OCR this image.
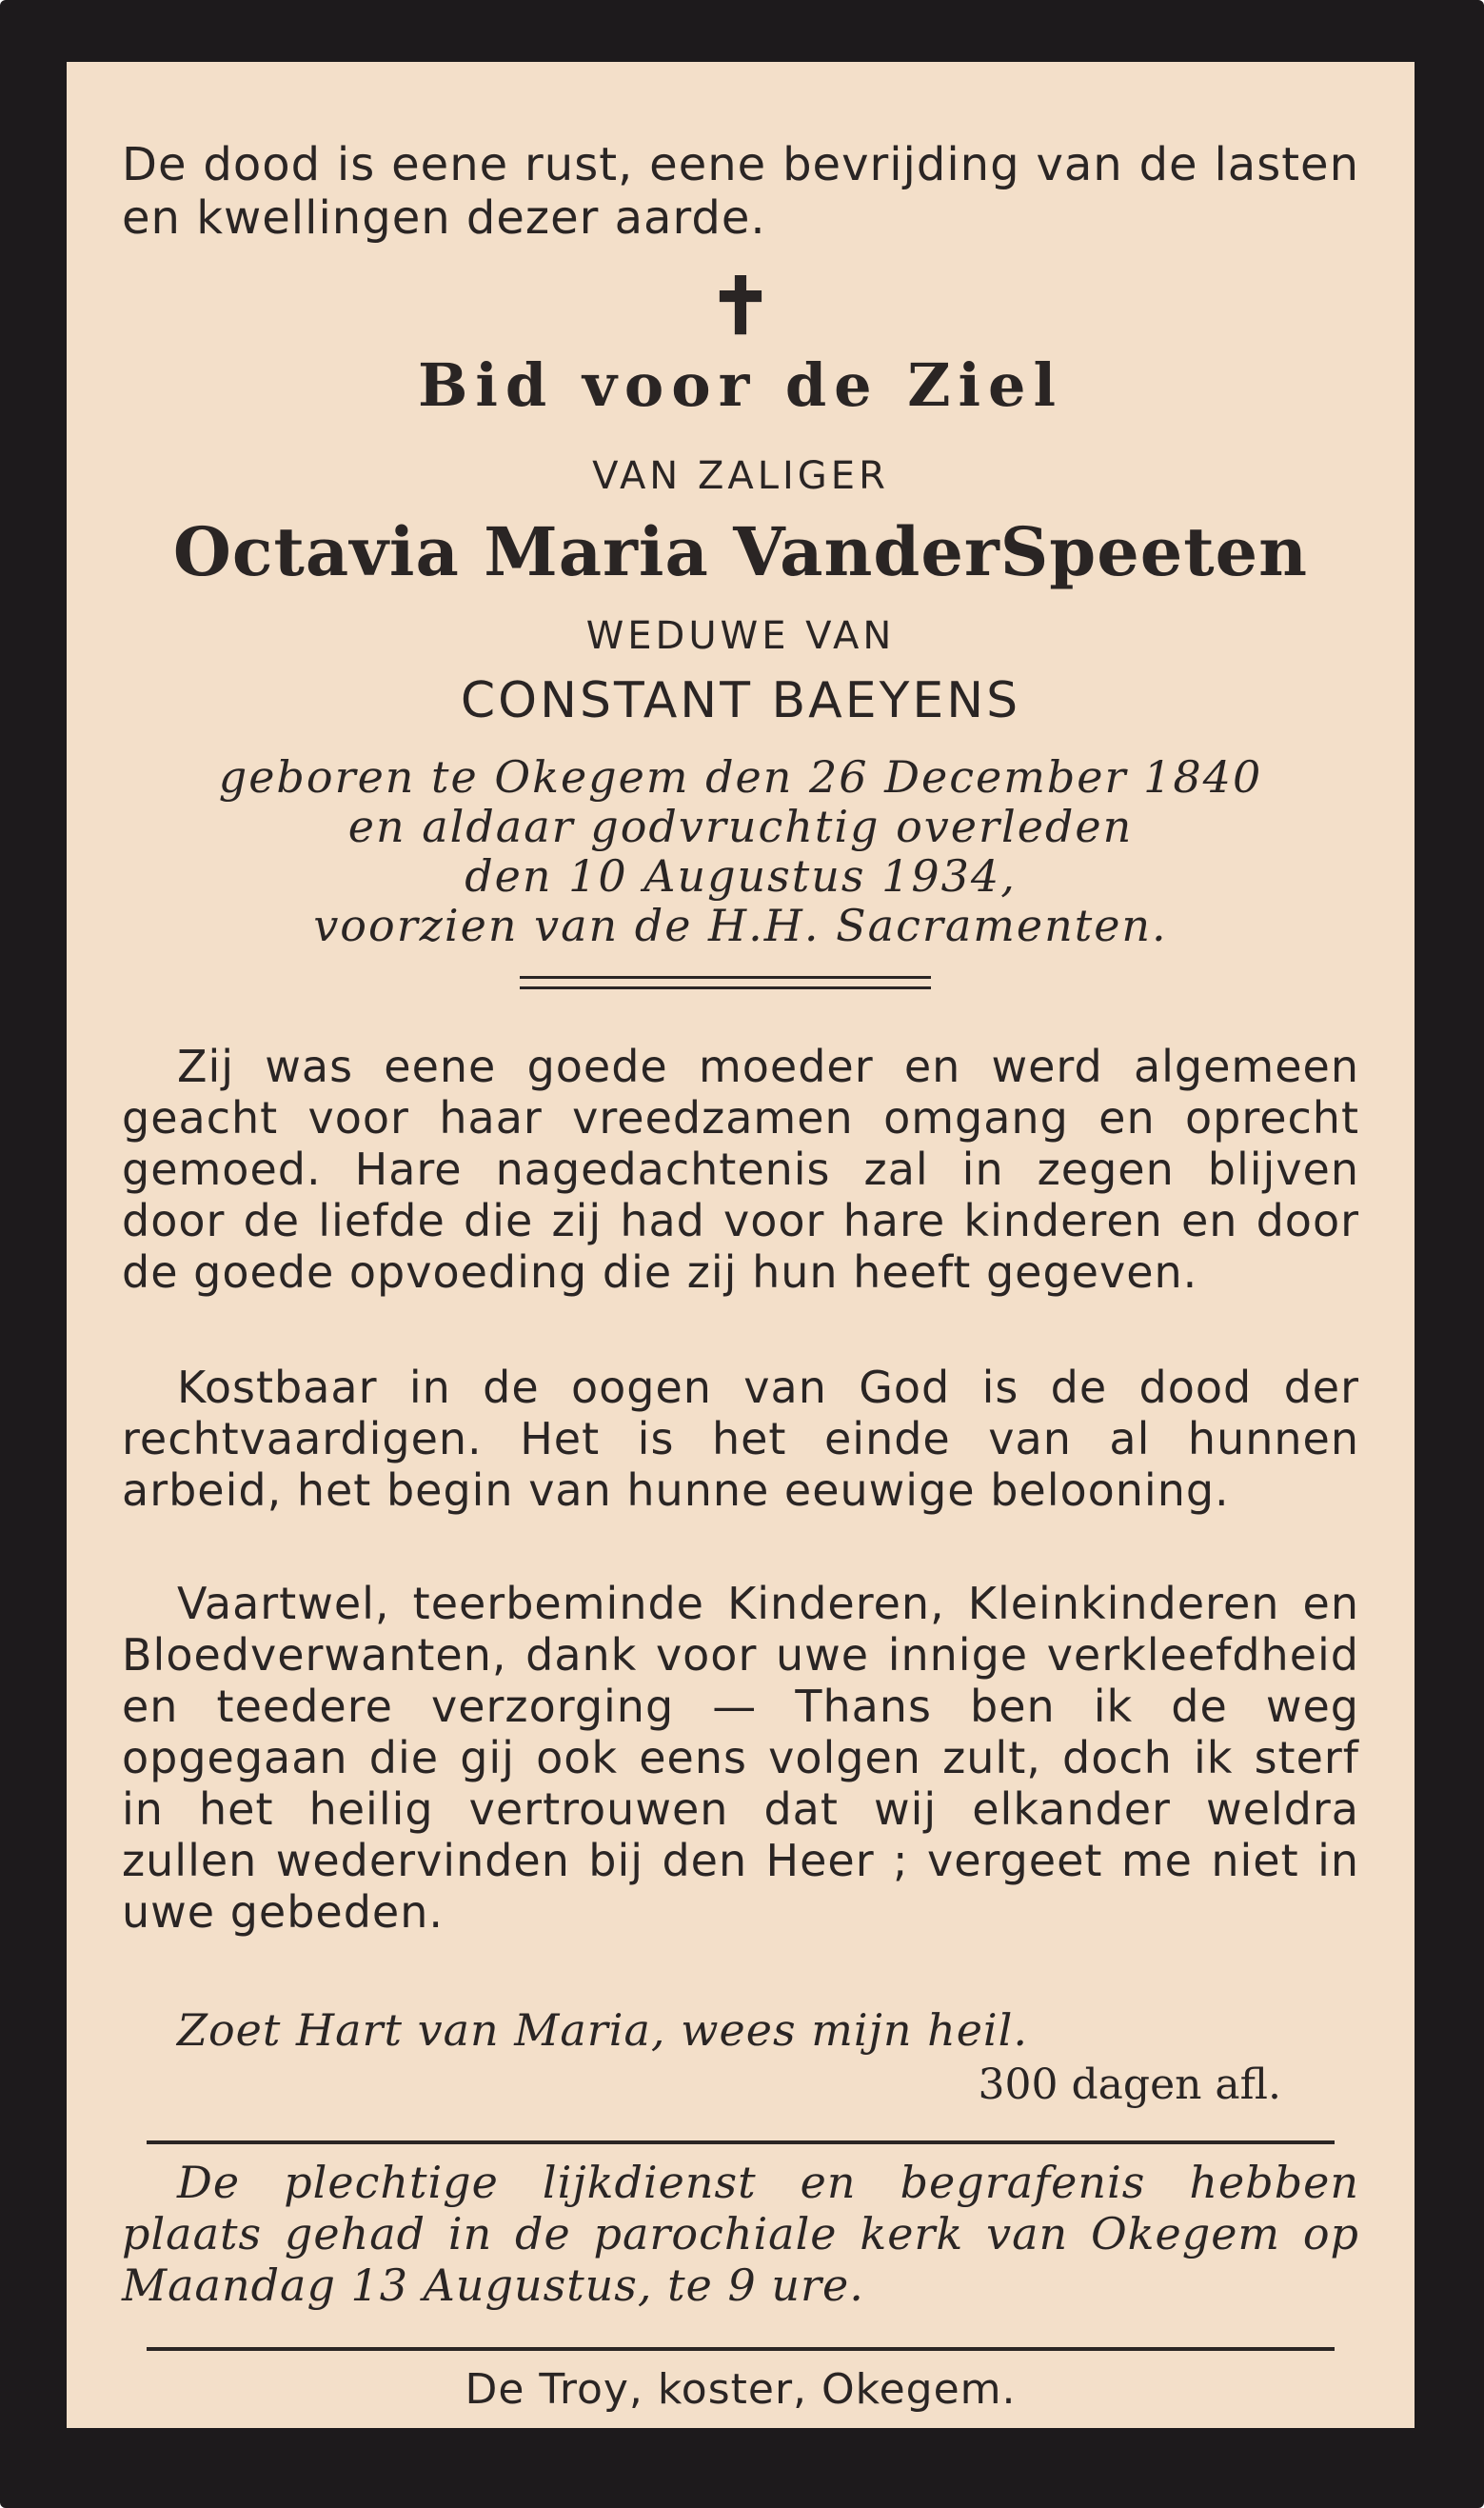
De dood is eene rust, eene bevrijding van de lasten en kwellingen dezer aarde.
✝
Bid voor de Ziel
VAN ZALIGER
Octavia Maria VanderSpeeten
WEDUWE VAN
CONSTANT BAEYENS
geboren te Okegem den 26 December 1840
en aldaar godvruchtig overleden
den 10 Augustus 1934,
voorzien van de H.H. Sacramenten.
Zij was eene goede moeder en werd algemeen geacht voor haar vreedzamen omgang en oprecht gemoed. Hare nagedachtenis zal in zegen blijven door de liefde die zij had voor hare kinderen en door de goede opvoeding die zij hun heeft gegeven.
Kostbaar in de oogen van God is de dood der rechtvaardigen. Het is het einde van al hunnen arbeid, het begin van hunne eeuwige belooning.
Vaartwel, teerbeminde Kinderen, Kleinkinderen en Bloedverwanten, dank voor uwe innige verkleefdheid en teedere verzorging — Thans ben ik de weg opgegaan die gij ook eens volgen zult, doch ik sterf in het heilig vertrouwen dat wij elkander weldra zullen wedervinden bij den Heer ; vergeet me niet in uwe gebeden.
Zoet Hart van Maria, wees mijn heil.
300 dagen afl.
De plechtige lijkdienst en begrafenis hebben plaats gehad in de parochiale kerk van Okegem op Maandag 13 Augustus, te 9 ure.
De Troy, koster, Okegem.
